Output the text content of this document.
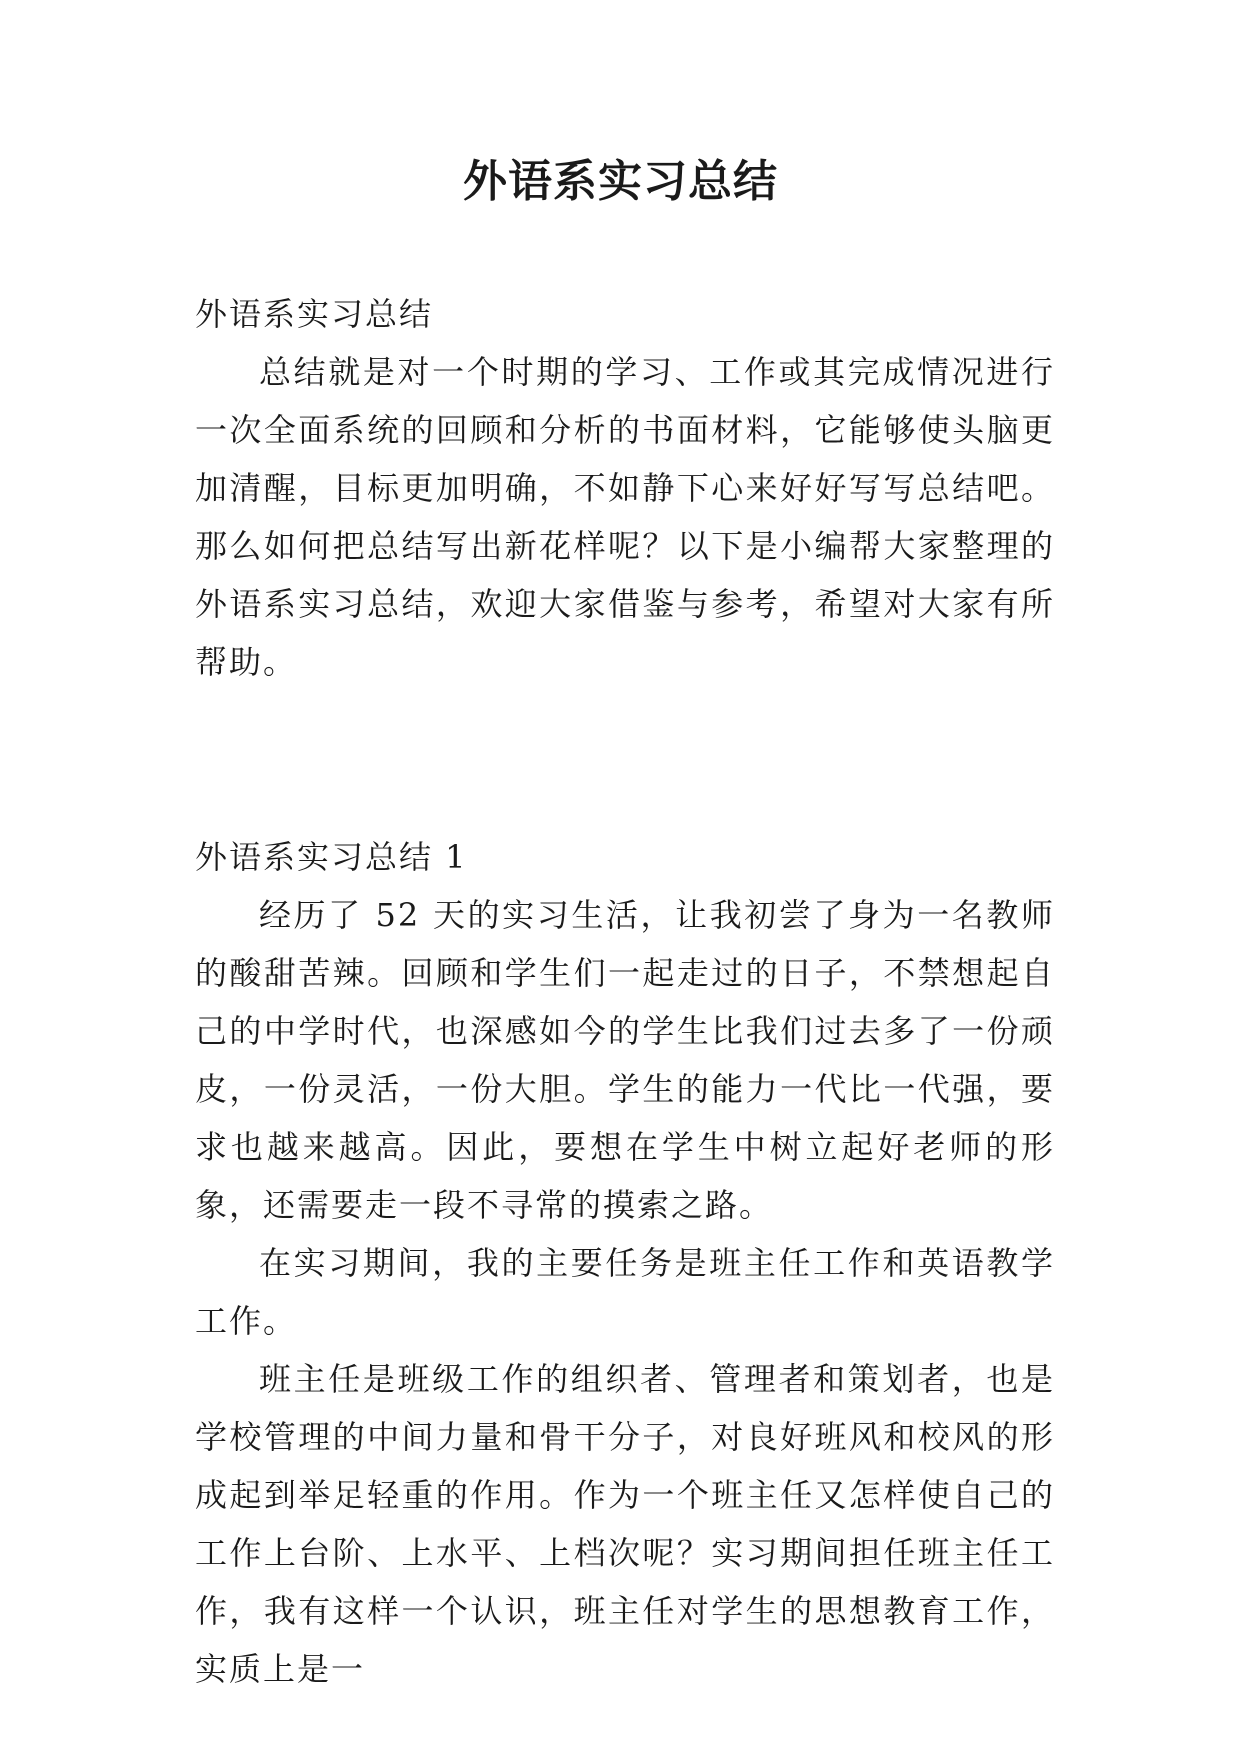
外语系实习总结

外语系实习总结

总结就是对一个时期的学习、工作或其完成情况进行一次全面系统的回顾和分析的书面材料，它能够使头脑更加清醒，目标更加明确，不如静下心来好好写写总结吧。那么如何把总结写出新花样呢？以下是小编帮大家整理的外语系实习总结，欢迎大家借鉴与参考，希望对大家有所帮助。

外语系实习总结 1

经历了 52 天的实习生活，让我初尝了身为一名教师的酸甜苦辣。回顾和学生们一起走过的日子，不禁想起自己的中学时代，也深感如今的学生比我们过去多了一份顽皮，一份灵活，一份大胆。学生的能力一代比一代强，要求也越来越高。因此，要想在学生中树立起好老师的形象，还需要走一段不寻常的摸索之路。

在实习期间，我的主要任务是班主任工作和英语教学工作。

班主任是班级工作的组织者、管理者和策划者，也是学校管理的中间力量和骨干分子，对良好班风和校风的形成起到举足轻重的作用。作为一个班主任又怎样使自己的工作上台阶、上水平、上档次呢？实习期间担任班主任工作，我有这样一个认识，班主任对学生的思想教育工作，实质上是一
